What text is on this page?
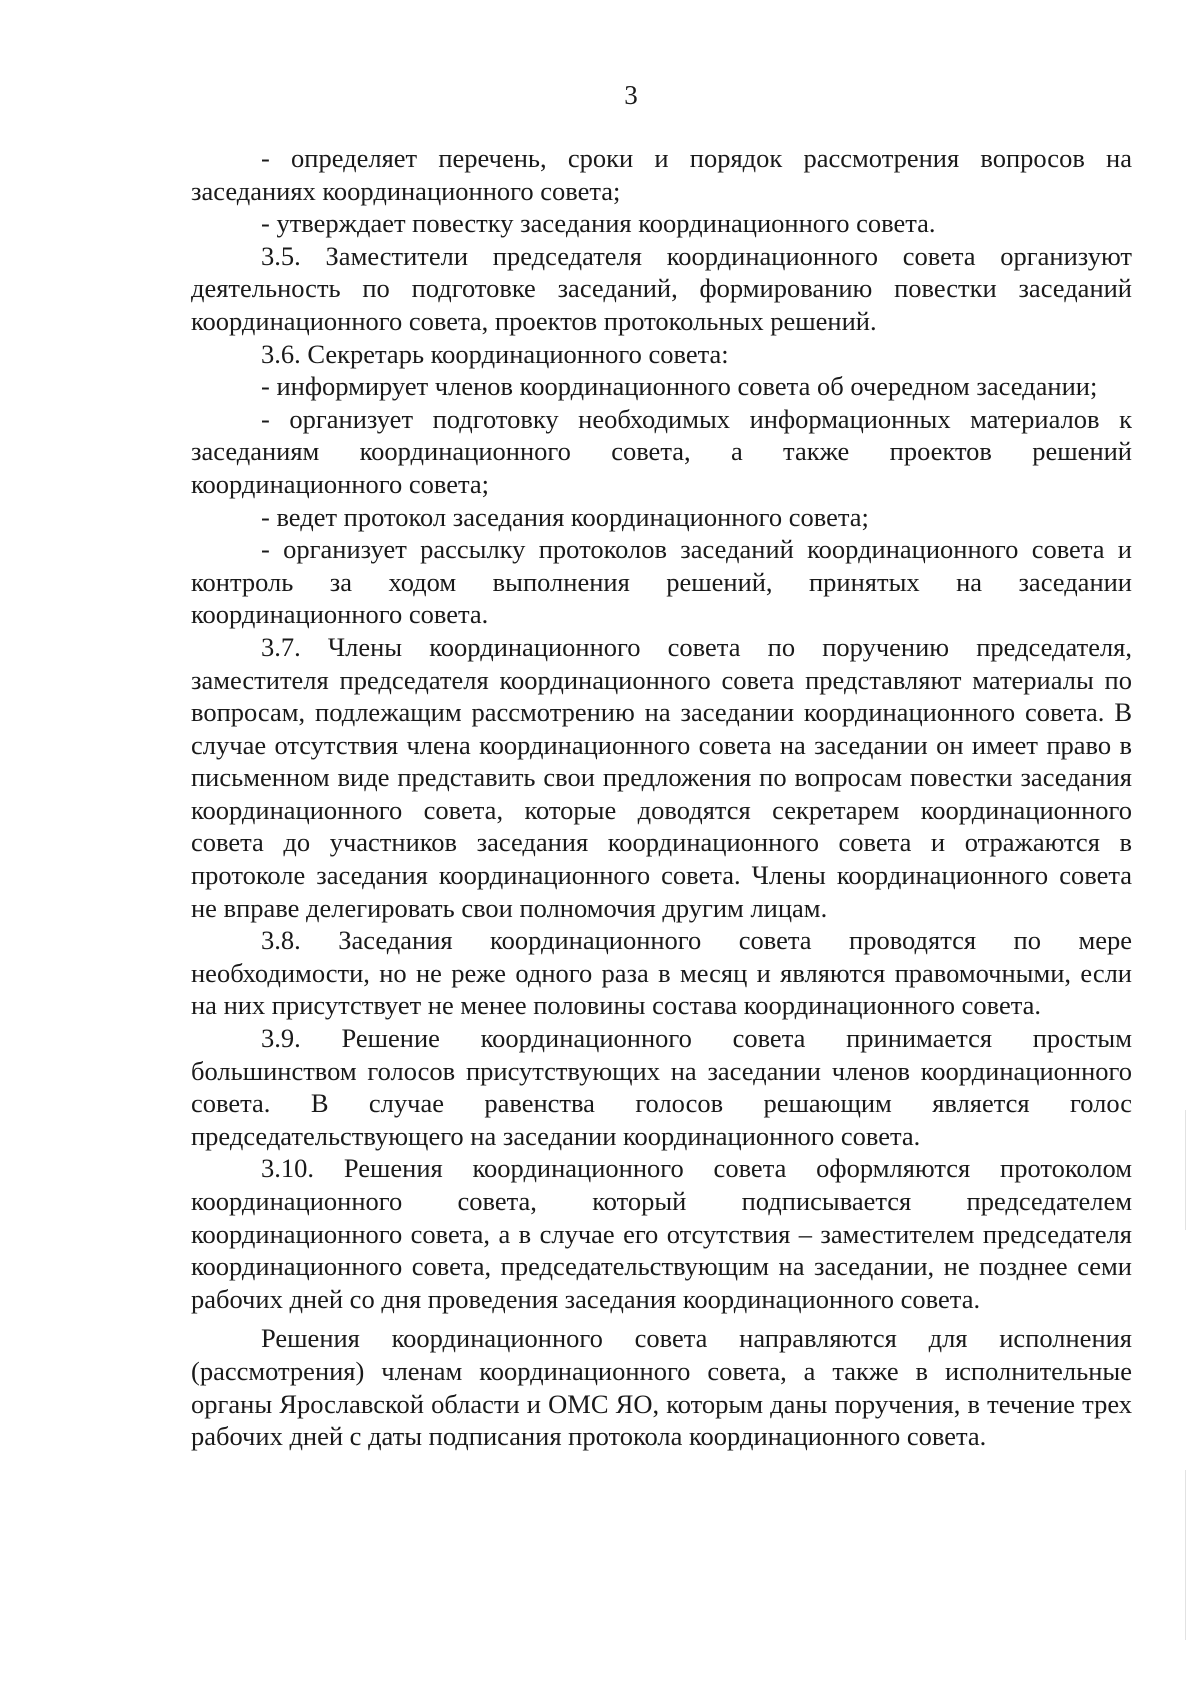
3

- определяет перечень, сроки и порядок рассмотрения вопросов на заседаниях координационного совета;

- утверждает повестку заседания координационного совета.

3.5. Заместители председателя координационного совета организуют деятельность по подготовке заседаний, формированию повестки заседаний координационного совета, проектов протокольных решений.

3.6. Секретарь координационного совета:

- информирует членов координационного совета об очередном заседании;

- организует подготовку необходимых информационных материалов к заседаниям координационного совета, а также проектов решений координационного совета;

- ведет протокол заседания координационного совета;

- организует рассылку протоколов заседаний координационного совета и контроль за ходом выполнения решений, принятых на заседании координационного совета.

3.7. Члены координационного совета по поручению председателя, заместителя председателя координационного совета представляют материалы по вопросам, подлежащим рассмотрению на заседании координационного совета. В случае отсутствия члена координационного совета на заседании он имеет право в письменном виде представить свои предложения по вопросам повестки заседания координационного совета, которые доводятся секретарем координационного совета до участников заседания координационного совета и отражаются в протоколе заседания координационного совета. Члены координационного совета не вправе делегировать свои полномочия другим лицам.

3.8. Заседания координационного совета проводятся по мере необходимости, но не реже одного раза в месяц и являются правомочными, если на них присутствует не менее половины состава координационного совета.

3.9. Решение координационного совета принимается простым большинством голосов присутствующих на заседании членов координационного совета. В случае равенства голосов решающим является голос председательствующего на заседании координационного совета.

3.10. Решения координационного совета оформляются протоколом координационного совета, который подписывается председателем координационного совета, а в случае его отсутствия – заместителем председателя координационного совета, председательствующим на заседании, не позднее семи рабочих дней со дня проведения заседания координационного совета.

Решения координационного совета направляются для исполнения (рассмотрения) членам координационного совета, а также в исполнительные органы Ярославской области и ОМС ЯО, которым даны поручения, в течение трех рабочих дней с даты подписания протокола координационного совета.
